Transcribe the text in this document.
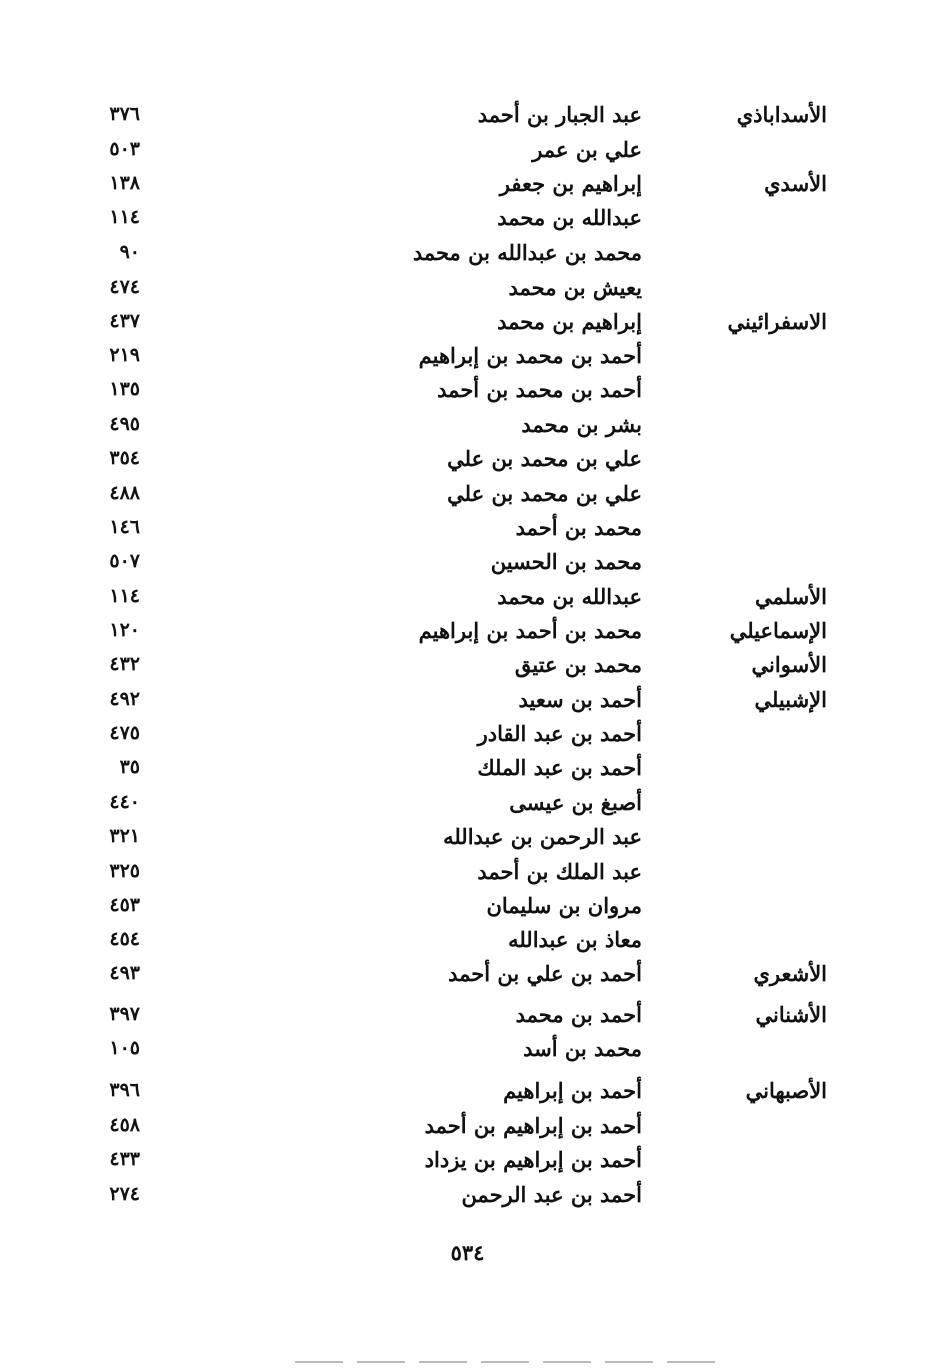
الأسداباذي
عبد الجبار بن أحمد
٣٧٦
علي بن عمر
٥٠٣
الأسدي
إبراهيم بن جعفر
١٣٨
عبدالله بن محمد
١١٤
محمد بن عبدالله بن محمد
٩٠
يعيش بن محمد
٤٧٤
الاسفرائيني
إبراهيم بن محمد
٤٣٧
أحمد بن محمد بن إبراهيم
٢١٩
أحمد بن محمد بن أحمد
١٣٥
بشر بن محمد
٤٩٥
علي بن محمد بن علي
٣٥٤
علي بن محمد بن علي
٤٨٨
محمد بن أحمد
١٤٦
محمد بن الحسين
٥٠٧
الأسلمي
عبدالله بن محمد
١١٤
الإسماعيلي
محمد بن أحمد بن إبراهيم
١٢٠
الأسواني
محمد بن عتيق
٤٣٢
الإشبيلي
أحمد بن سعيد
٤٩٢
أحمد بن عبد القادر
٤٧٥
أحمد بن عبد الملك
٣٥
أصبغ بن عيسى
٤٤٠
عبد الرحمن بن عبدالله
٣٢١
عبد الملك بن أحمد
٣٢٥
مروان بن سليمان
٤٥٣
معاذ بن عبدالله
٤٥٤
الأشعري
أحمد بن علي بن أحمد
٤٩٣
الأشناني
أحمد بن محمد
٣٩٧
محمد بن أسد
١٠٥
الأصبهاني
أحمد بن إبراهيم
٣٩٦
أحمد بن إبراهيم بن أحمد
٤٥٨
أحمد بن إبراهيم بن يزداد
٤٣٣
أحمد بن عبد الرحمن
٢٧٤
٥٣٤
